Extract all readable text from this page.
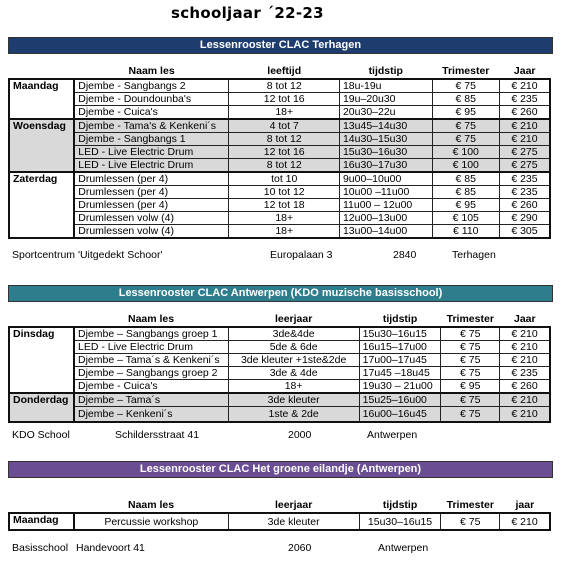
schooljaar ´22-23
Lessenrooster CLAC Terhagen
	Naam les	leeftijd	tijdstip	Trimester	Jaar
Maandag	Djembe - Sangbangs 2	8 tot 12	18u-19u	€ 75	€ 210
	Djembe - Doundounba's	12 tot 16	19u–20u30	€ 85	€ 235
	Djembe - Cuica's	18+	20u30–22u	€ 95	€ 260
Woensdag	Djembe - Tama's & Kenkeni´s	4 tot 7	13u45–14u30	€ 75	€ 210
	Djembe - Sangbangs 1	8 tot 12	14u30–15u30	€ 75	€ 210
	LED - Live Electric Drum	12 tot 16	15u30–16u30	€ 100	€ 275
	LED - Live Electric Drum	8 tot 12	16u30–17u30	€ 100	€ 275
Zaterdag	Drumlessen (per 4)	tot 10	9u00–10u00	€ 85	€ 235
	Drumlessen (per 4)	10 tot 12	10u00 –11u00	€ 85	€ 235
	Drumlessen (per 4)	12 tot 18	11u00 – 12u00	€ 95	€ 260
	Drumlessen volw (4)	18+	12u00–13u00	€ 105	€ 290
	Drumlessen volw (4)	18+	13u00–14u00	€ 110	€ 305
Sportcentrum 'Uitgedekt Schoor'	Europalaan 3	2840	Terhagen
Lessenrooster CLAC Antwerpen (KDO muzische basisschool)
	Naam les	leerjaar	tijdstip	Trimester	Jaar
Dinsdag	Djembe – Sangbangs groep 1	3de&4de	15u30–16u15	€ 75	€ 210
	LED - Live Electric Drum	5de & 6de	16u15–17u00	€ 75	€ 210
	Djembe – Tama´s & Kenkeni´s	3de kleuter +1ste&2de	17u00–17u45	€ 75	€ 210
	Djembe – Sangbangs groep 2	3de & 4de	17u45 –18u45	€ 75	€ 235
	Djembe - Cuica's	18+	19u30 – 21u00	€ 95	€ 260
Donderdag	Djembe – Tama´s	3de kleuter	15u25–16u00	€ 75	€ 210
	Djembe – Kenkeni´s	1ste & 2de	16u00–16u45	€ 75	€ 210
KDO School	Schildersstraat 41	2000	Antwerpen
Lessenrooster CLAC Het groene eilandje (Antwerpen)
	Naam les	leerjaar	tijdstip	Trimester	jaar
Maandag	Percussie workshop	3de kleuter	15u30–16u15	€ 75	€ 210
Basisschool Handevoort 41	2060	Antwerpen
